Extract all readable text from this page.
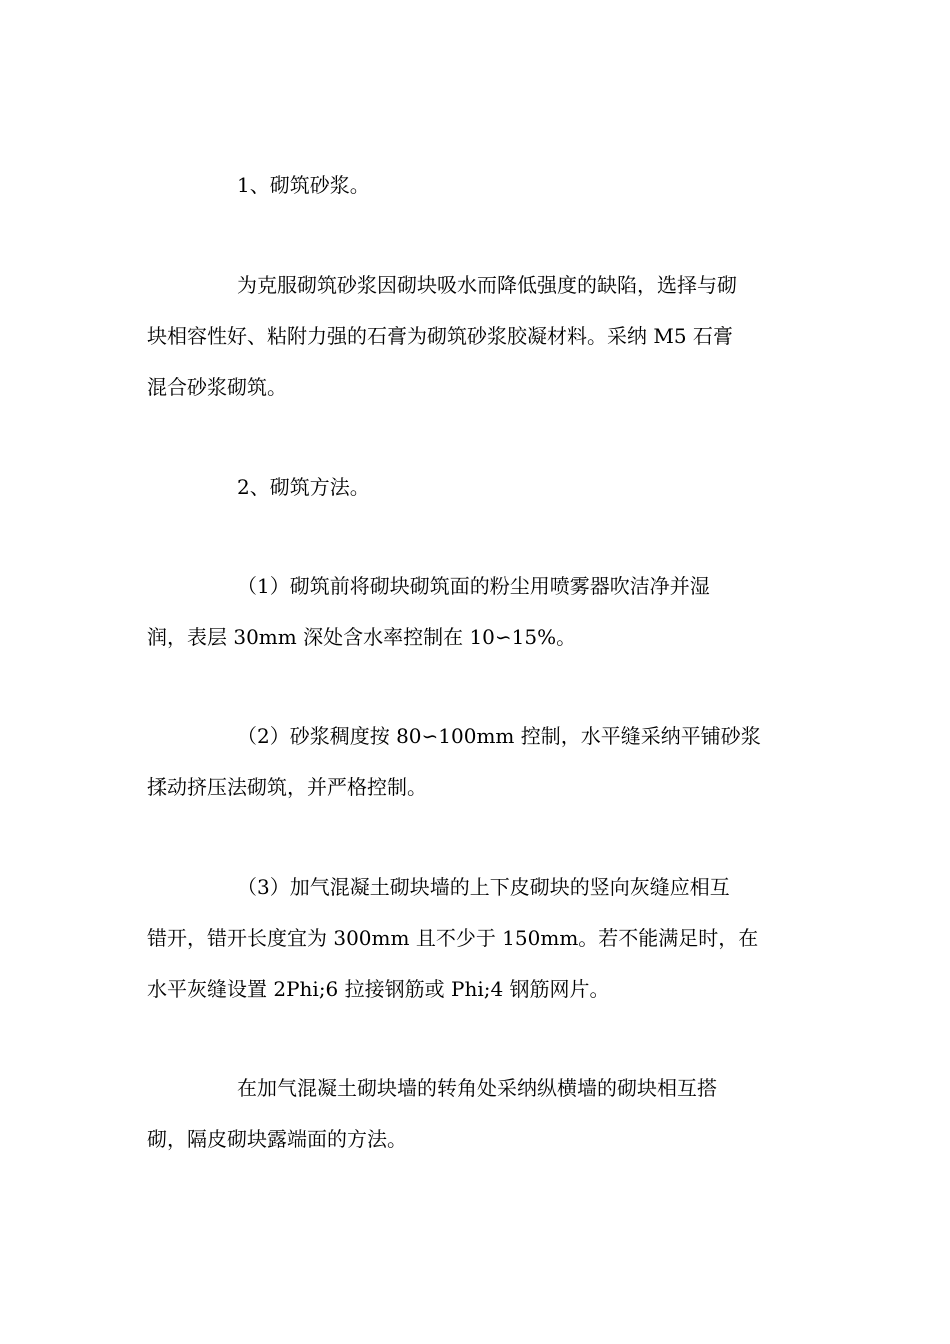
1、砌筑砂浆。
为克服砌筑砂浆因砌块吸水而降低强度的缺陷，选择与砌
块相容性好、粘附力强的石膏为砌筑砂浆胶凝材料。采纳 M5 石膏
混合砂浆砌筑。
2、砌筑方法。
（1）砌筑前将砌块砌筑面的粉尘用喷雾器吹洁净并湿
润，表层 30mm 深处含水率控制在 10∽15%。
（2）砂浆稠度按 80∽100mm 控制，水平缝采纳平铺砂浆
揉动挤压法砌筑，并严格控制。
（3）加气混凝土砌块墙的上下皮砌块的竖向灰缝应相互
错开，错开长度宜为 300mm 且不少于 150mm。若不能满足时，在
水平灰缝设置 2Phi;6 拉接钢筋或 Phi;4 钢筋网片。
在加气混凝土砌块墙的转角处采纳纵横墙的砌块相互搭
砌，隔皮砌块露端面的方法。
